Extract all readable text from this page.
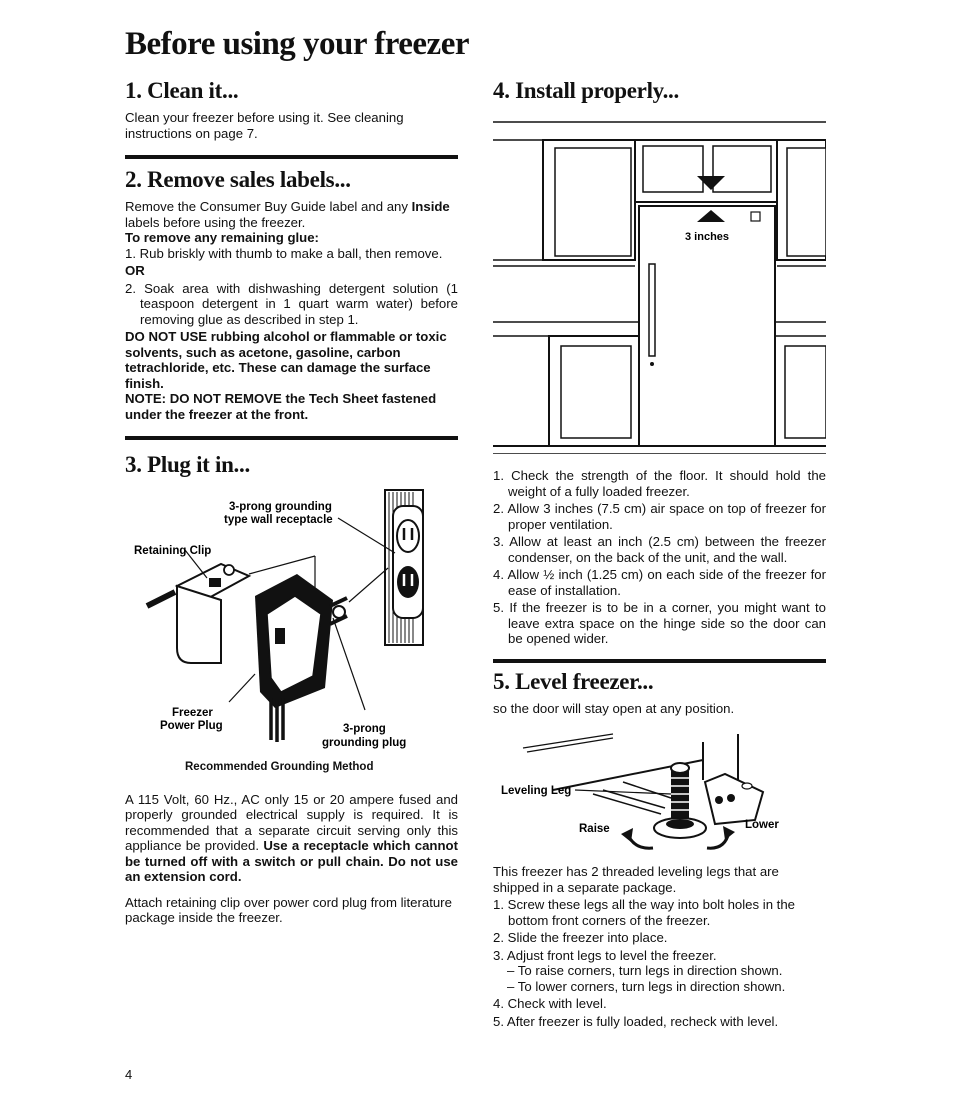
Before using your freezer
1. Clean it...

Clean your freezer before using it. See cleaning instructions on page 7.

2. Remove sales labels...

Remove the Consumer Buy Guide label and any Inside labels before using the freezer.

To remove any remaining glue:

1. Rub briskly with thumb to make a ball, then remove.

OR

2. Soak area with dishwashing detergent solution (1 teaspoon detergent in 1 quart warm water) before removing glue as described in step 1.

DO NOT USE rubbing alcohol or flammable or toxic solvents, such as acetone, gasoline, carbon tetrachloride, etc. These can damage the surface finish.

NOTE: DO NOT REMOVE the Tech Sheet fastened under the freezer at the front.

3. Plug it in...
3-prong grounding
type wall receptacle
Retaining Clip
Freezer
Power Plug	3-prong
grounding plug

Recommended Grounding Method

A 115 Volt, 60 Hz., AC only 15 or 20 ampere fused and properly grounded electrical supply is required. It is recommended that a separate circuit serving only this appliance be provided. Use a receptacle which cannot be turned off with a switch or pull chain. Do not use an extension cord.

Attach retaining clip over power cord plug from literature package inside the freezer.

4. Install properly...
3 inches

1. Check the strength of the floor. It should hold the weight of a fully loaded freezer.

2. Allow 3 inches (7.5 cm) air space on top of freezer for proper ventilation.

3. Allow at least an inch (2.5 cm) between the freezer condenser, on the back of the unit, and the wall.

4. Allow ½ inch (1.25 cm) on each side of the freezer for ease of installation.

5. If the freezer is to be in a corner, you might want to leave extra space on the hinge side so the door can be opened wider.

5. Level freezer...

so the door will stay open at any position.

Leveling Leg
Raise	Lower

This freezer has 2 threaded leveling legs that are shipped in a separate package.

1. Screw these legs all the way into bolt holes in the bottom front corners of the freezer.

2. Slide the freezer into place.

3. Adjust front legs to level the freezer.

– To raise corners, turn legs in direction shown.

– To lower corners, turn legs in direction shown.

4. Check with level.

5. After freezer is fully loaded, recheck with level.

4
